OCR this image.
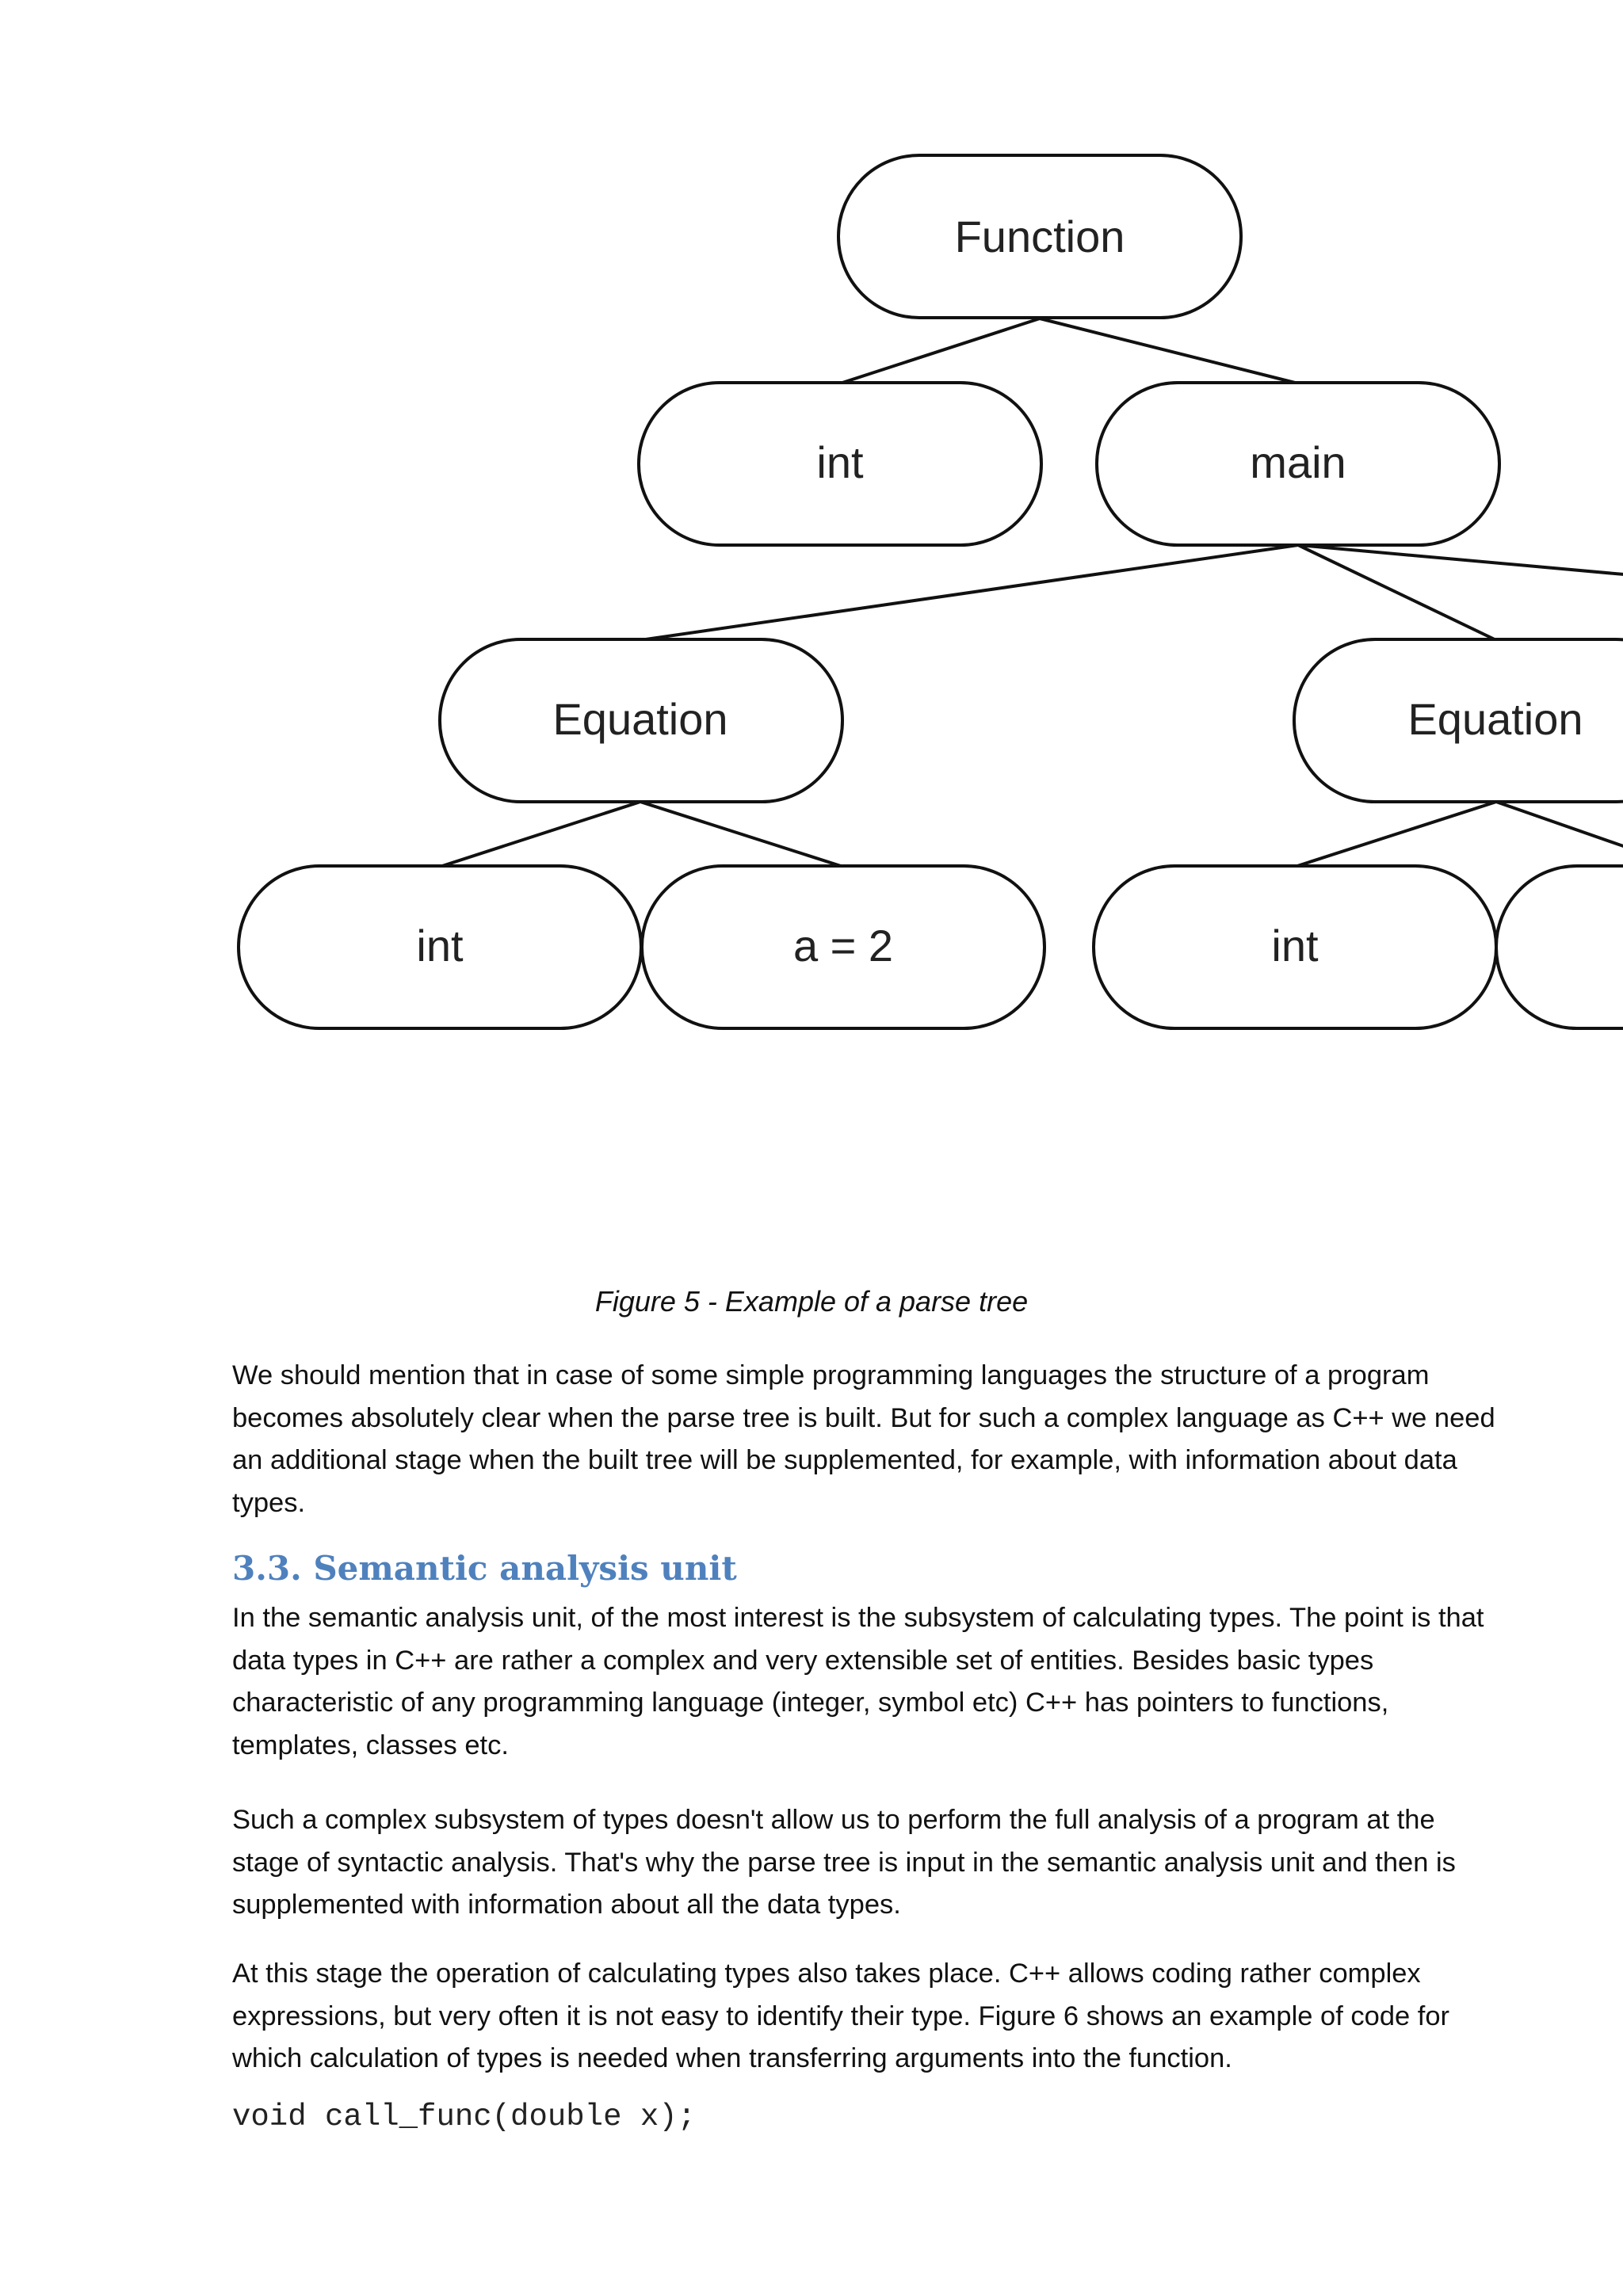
Function
int	main
Equation	Equation
int	a = 2	int

Figure 5 - Example of a parse tree

We should mention that in case of some simple programming languages the structure of a program
becomes absolutely clear when the parse tree is built. But for such a complex language as C++ we need
an additional stage when the built tree will be supplemented, for example, with information about data
types.

3.3. Semantic analysis unit

In the semantic analysis unit, of the most interest is the subsystem of calculating types. The point is that
data types in C++ are rather a complex and very extensible set of entities. Besides basic types
characteristic of any programming language (integer, symbol etc) C++ has pointers to functions,
templates, classes etc.

Such a complex subsystem of types doesn't allow us to perform the full analysis of a program at the
stage of syntactic analysis. That's why the parse tree is input in the semantic analysis unit and then is
supplemented with information about all the data types.

At this stage the operation of calculating types also takes place. C++ allows coding rather complex
expressions, but very often it is not easy to identify their type. Figure 6 shows an example of code for
which calculation of types is needed when transferring arguments into the function.

void call_func(double x);
